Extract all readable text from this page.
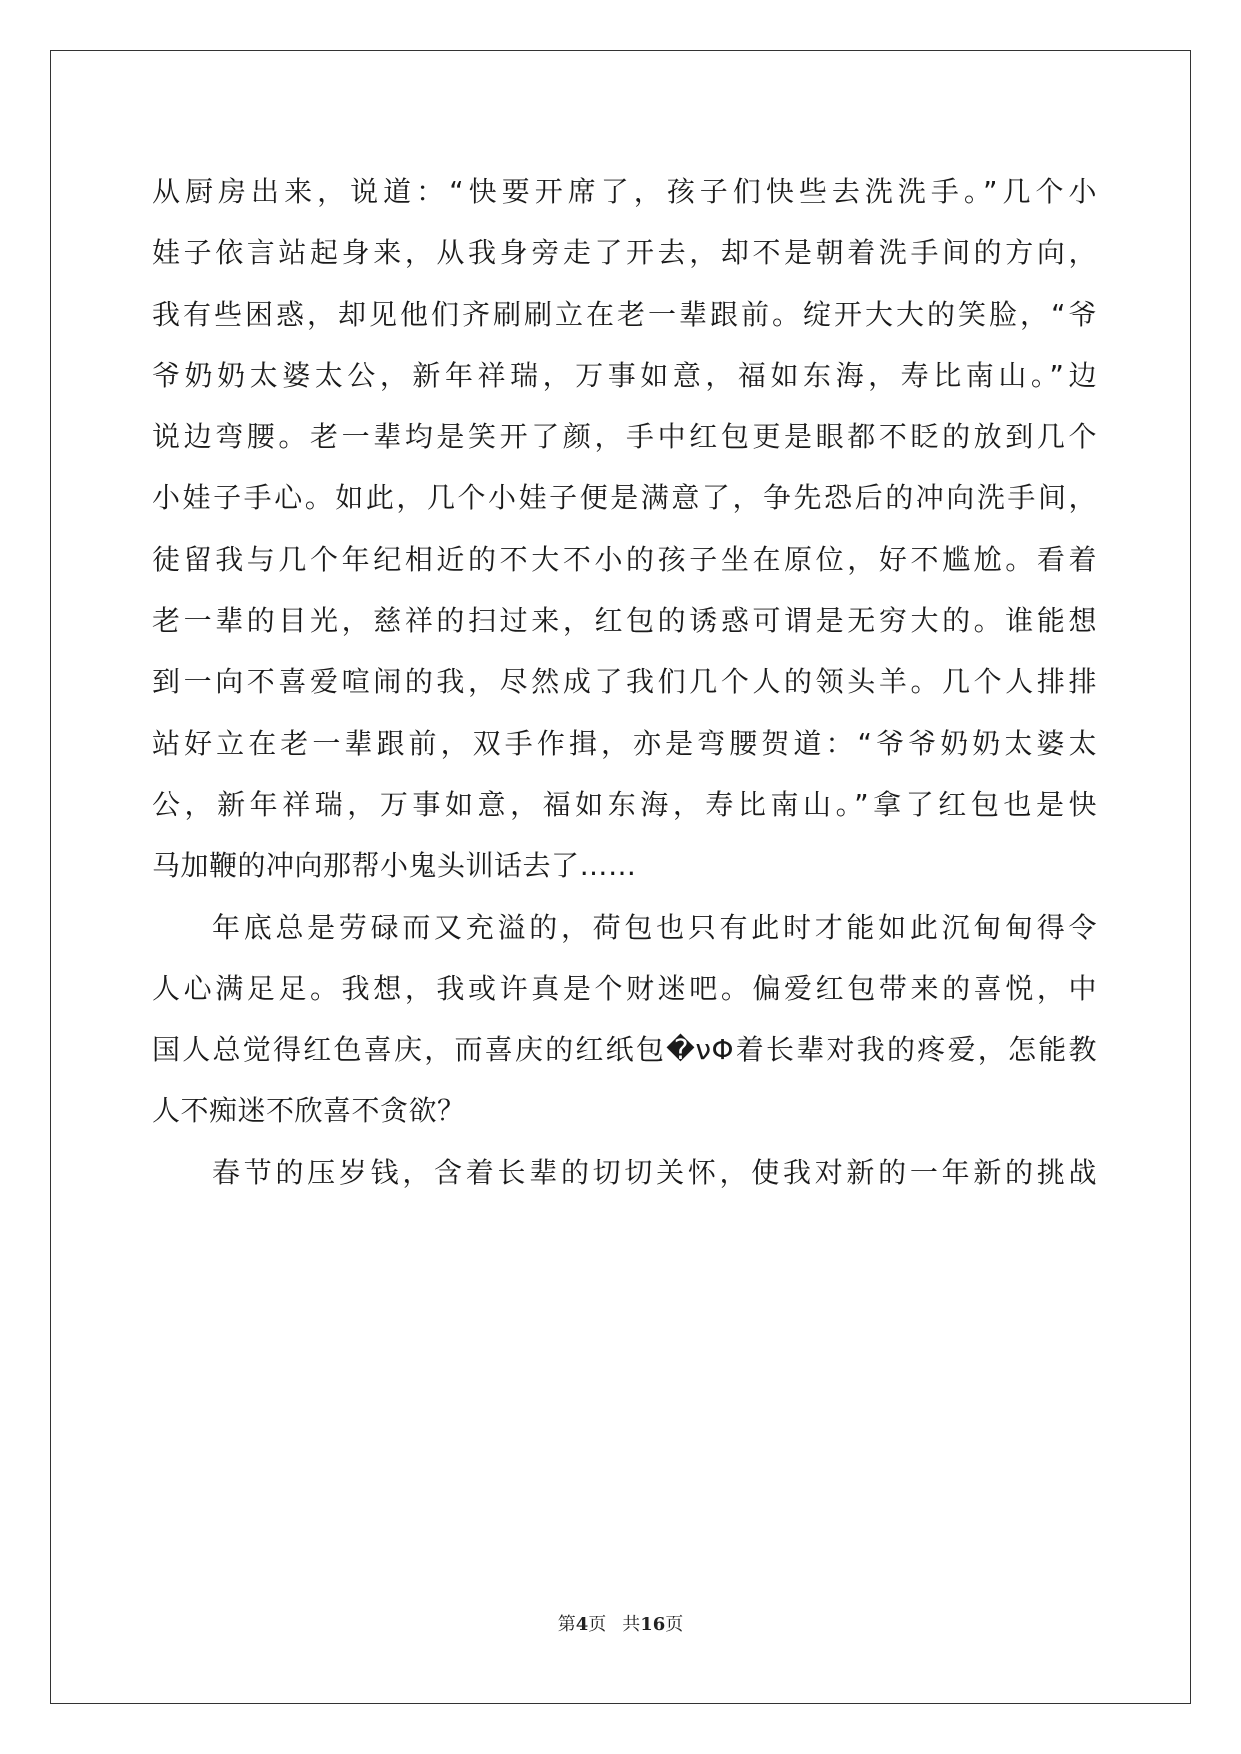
从厨房出来，说道：“快要开席了，孩子们快些去洗洗手。”几个小
娃子依言站起身来，从我身旁走了开去，却不是朝着洗手间的方向，
我有些困惑，却见他们齐刷刷立在老一辈跟前。绽开大大的笑脸，“爷
爷奶奶太婆太公，新年祥瑞，万事如意，福如东海，寿比南山。”边
说边弯腰。老一辈均是笑开了颜，手中红包更是眼都不眨的放到几个
小娃子手心。如此，几个小娃子便是满意了，争先恐后的冲向洗手间，
徒留我与几个年纪相近的不大不小的孩子坐在原位，好不尴尬。看着
老一辈的目光，慈祥的扫过来，红包的诱惑可谓是无穷大的。谁能想
到一向不喜爱喧闹的我，尽然成了我们几个人的领头羊。几个人排排
站好立在老一辈跟前，双手作揖，亦是弯腰贺道：“爷爷奶奶太婆太
公，新年祥瑞，万事如意，福如东海，寿比南山。”拿了红包也是快
马加鞭的冲向那帮小鬼头训话去了……
年底总是劳碌而又充溢的，荷包也只有此时才能如此沉甸甸得令
人心满足足。我想，我或许真是个财迷吧。偏爱红包带来的喜悦，中
国人总觉得红色喜庆，而喜庆的红纸包�νΦ着长辈对我的疼爱，怎能教
人不痴迷不欣喜不贪欲？
春节的压岁钱，含着长辈的切切关怀，使我对新的一年新的挑战
第4页 共16页
